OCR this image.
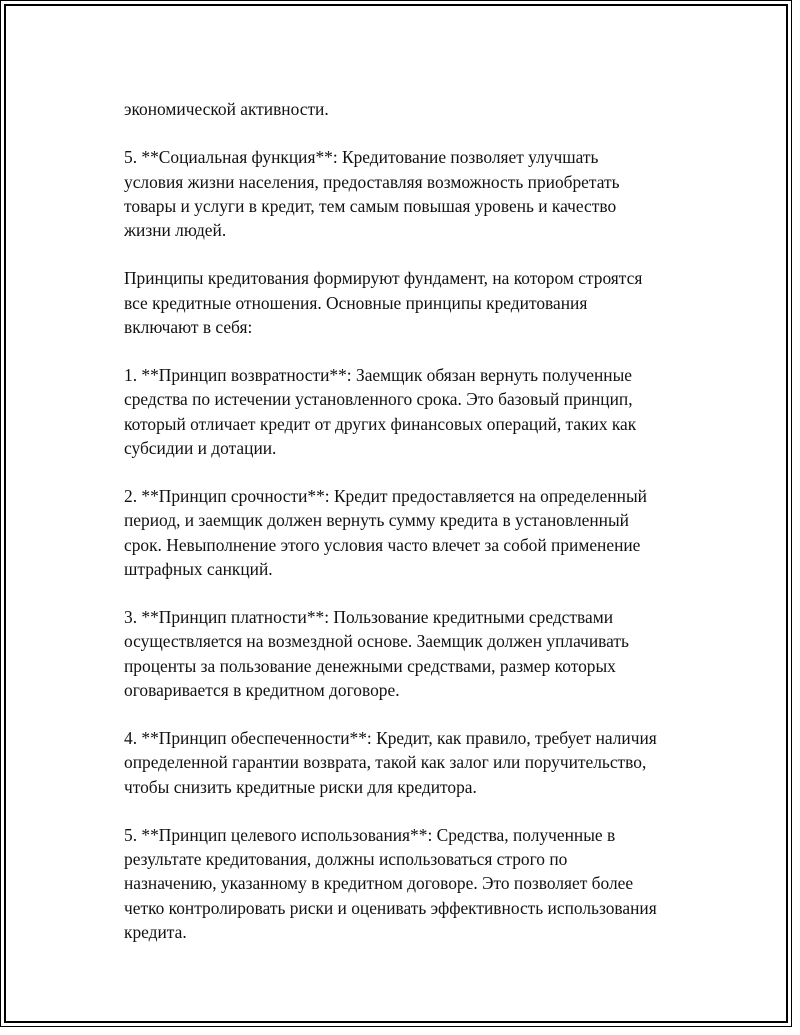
экономической активности.

5. **Социальная функция**: Кредитование позволяет улучшать
условия жизни населения, предоставляя возможность приобретать
товары и услуги в кредит, тем самым повышая уровень и качество
жизни людей.

Принципы кредитования формируют фундамент, на котором строятся
все кредитные отношения. Основные принципы кредитования
включают в себя:

1. **Принцип возвратности**: Заемщик обязан вернуть полученные
средства по истечении установленного срока. Это базовый принцип,
который отличает кредит от других финансовых операций, таких как
субсидии и дотации.

2. **Принцип срочности**: Кредит предоставляется на определенный
период, и заемщик должен вернуть сумму кредита в установленный
срок. Невыполнение этого условия часто влечет за собой применение
штрафных санкций.

3. **Принцип платности**: Пользование кредитными средствами
осуществляется на возмездной основе. Заемщик должен уплачивать
проценты за пользование денежными средствами, размер которых
оговаривается в кредитном договоре.

4. **Принцип обеспеченности**: Кредит, как правило, требует наличия
определенной гарантии возврата, такой как залог или поручительство,
чтобы снизить кредитные риски для кредитора.

5. **Принцип целевого использования**: Средства, полученные в
результате кредитования, должны использоваться строго по
назначению, указанному в кредитном договоре. Это позволяет более
четко контролировать риски и оценивать эффективность использования
кредита.
